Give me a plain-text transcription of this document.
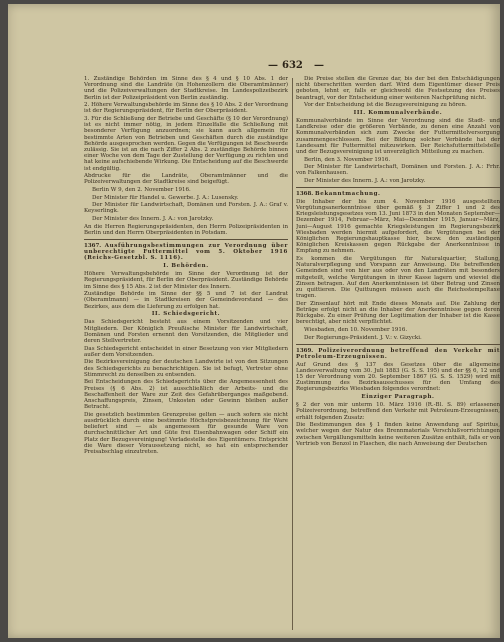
— 632 —

1. Zuständige Behörden im Sinne des § 4 und § 10 Abs. 1 der Verordnung sind die Landräte (in Hohenzollern die Oberamtmänner) und die Polizeiverwaltungen der Stadtkreise. Im Landespolizeibezirk Berlin ist der Polizeipräsident von Berlin zuständig.

2. Höhere Verwaltungsbehörde im Sinne des § 10 Abs. 2 der Verordnung ist der Regierungspräsident, für Berlin der Oberpräsident.

3. Für die Schließung der Betriebe und Geschäfte (§ 10 der Verordnung) ist es nicht immer nötig, in jedem Einzelfalle die Schließung mit besonderer Verfügung anzuordnen; sie kann auch allgemein für bestimmte Arten von Betrieben und Geschäften durch die zuständige Behörde ausgesprochen werden. Gegen die Verfügungen ist Beschwerde zulässig. Sie ist an die nach Ziffer 2 Abs. 2 zuständige Behörde binnen einer Woche von dem Tage der Zustellung der Verfügung zu richten und hat keine aufschiebende Wirkung. Die Entscheidung auf die Beschwerde ist endgültig.

Abdrucke für die Landräte, Oberamtmänner und die Polizeiverwaltungen der Stadtkreise sind beigefügt.

Berlin W 9, den 2. November 1916.

Der Minister für Handel u. Gewerbe. J. A.: Lusensky.

Der Minister für Landwirtschaft, Domänen und Forsten. J. A.: Graf v. Keyserlingk.

Der Minister des Innern. J. A.: von Jarotzky.

An die Herren Regierungspräsidenten, den Herrn Polizeipräsidenten in Berlin und den Herrn Oberpräsidenten in Potsdam.

1367. Ausführungsbestimmungen zur Verordnung über unberechtigte Futtermittel vom 5. Oktober 1916 (Reichs-Gesetzbl. S. 1116).

I. Behörden.

Höhere Verwaltungsbehörde im Sinne der Verordnung ist der Regierungspräsident, für Berlin der Oberpräsident. Zuständige Behörde im Sinne des § 15 Abs. 2 ist der Minister des Innern.

Zuständige Behörde im Sinne der §§ 5 und 7 ist der Landrat (Oberamtmann) — in Stadtkreisen der Gemeindevorstand — des Bezirkes, aus dem die Lieferung zu erfolgen hat.

II. Schiedsgericht.

Das Schiedsgericht besteht aus einem Vorsitzenden und vier Mitgliedern. Der Königlich Preußische Minister für Landwirtschaft, Domänen und Forsten ernennt den Vorsitzenden, die Mitglieder und deren Stellvertreter.

Das Schiedsgericht entscheidet in einer Besetzung von vier Mitgliedern außer dem Vorsitzenden.

Die Bezirksvereinigung der deutschen Landwirte ist von den Sitzungen des Schiedsgerichts zu benachrichtigen. Sie ist befugt, Vertreter ohne Stimmrecht zu denselben zu entsenden.

Bei Entscheidungen des Schiedsgerichts über die Angemessenheit des Preises (§ 6 Abs. 2) ist ausschließlich der Arbeits- und die Beschaffenheit der Ware zur Zeit des Gefahrüberganges maßgebend. Anschaffungspreis, Zinsen, Unkosten oder Gewinn bleiben außer Betracht.

Die gesetzlich bestimmten Grenzpreise gelten — auch sofern sie nicht ausdrücklich durch eine bestimmte Höchstpreisbezeichnung für Ware beliefert sind — als angemessen für gesunde Ware von durchschnittlicher Art und Güte frei Eisenbahnwagen oder Schiff ein Platz der Bezugsvereinigung! Verladestelle des Eigentümers. Entspricht die Ware dieser Voraussetzung nicht, so hat ein entsprechender Preisabschlag einzutreten.

Die Preise stellen die Grenze dar, bis der bei den Entschädigungen nicht überschritten werden darf. Wird dem Eigentümer dieser Preis geboten, lehnt er, falls er gleichwohl die Festsetzung des Preises beantragt, vor der Entscheidung einer weiteren Nachprüfung nicht.

Vor der Entscheidung ist die Bezugsvereinigung zu hören.

III. Kommunalverbände.

Kommunalverbände im Sinne der Verordnung sind die Stadt- und Landkreise oder die größeren Verbände, zu denen eine Anzahl von Kommunalverbänden sich zum Zwecke der Futtermittelversorgung zusammengeschlossen. Bei der Bildung solcher Verbände hat der Landesamt für Futtermittel mitzuwirken. Der Reichsfuttermittelstelle und der Bezugsvereinigung ist unverzüglich Mitteilung zu machen.

Berlin, den 3. November 1916.

Der Minister für Landwirtschaft, Domänen und Forsten. J. A.: Frhr. von Falkenhausen.

Der Minister des Innern. J. A.: von Jarotzky.

1368. Bekanntmachung.

Die Inhaber der bis zum 4. November 1916 ausgestellten Vergütungsanerkenntnisse über gemäß § 3 Ziffer 1 und 2 des Kriegsleistungsgesetzes vom 13. Juni 1873 in den Monaten September—Dezember 1914, Februar—März, Mai—Dezember 1915, Januar—März, Juni—August 1916 gemachte Kriegsleistungen im Regierungsbezirk Wiesbaden werden hiermit aufgefordert, die Vergütungen bei der Königlichen Regierungshauptkasse hier, bezw. den zuständigen Königlichen Kreiskassen gegen Rückgabe der Anerkenntnisse in Empfang zu nehmen.

Es kommen die Vergütungen für Naturalquartier, Stallung, Naturalverpflegung und Vorspann zur Anweisung. Die betreffenden Gemeinden sind von hier aus oder von den Landräten mit besonders mitgeteilt, welche Vergütungen in ihrer Kasse lagern und wieviel die Zinsen betragen. Auf den Anerkenntnissen ist über Betrag und Zinsen zu quittieren. Die Quittungen müssen auch die Reichsstempeltaxe tragen.

Der Zinsenlauf hört mit Ende dieses Monats auf. Die Zahlung der Beträge erfolgt nicht an die Inhaber der Anerkenntnisse gegen deren Rückgabe. Zu einer Prüfung der Legitimation der Inhaber ist die Kasse berechtigt, aber nicht verpflichtet.

Wiesbaden, den 10. November 1916.

Der Regierungs-Präsident. J. V.: v. Gizycki.

1369. Polizeiverordnung betreffend den Verkehr mit Petroleum-Erzeugnissen.

Auf Grund des § 137 des Gesetzes über die allgemeine Landesverwaltung vom 30. Juli 1883 (G. S. S. 195) und der §§ 6, 12 und 15 der Verordnung vom 20. September 1867 (G. S. S. 1529) wird mit Zustimmung des Bezirksausschusses für den Umfang des Regierungsbezirks Wiesbaden folgendes verordnet:

Einziger Paragraph.

§ 2 der von mir unterm 10. März 1916 (R.-Bl. S. 89) erlassenen Polizeiverordnung, betreffend den Verkehr mit Petroleum-Erzeugnissen, erhält folgenden Zusatz:

Die Bestimmungen des § 1 finden keine Anwendung auf Spiritus, welcher wegen der Natur des Brennmaterials Verschlußvorrichtungen zwischen Vergällungsmitteln keine weiteren Zusätze enthält, falls er von Vertrieb von Benzol in Flaschen, die nach Anweisung der Deutschen
